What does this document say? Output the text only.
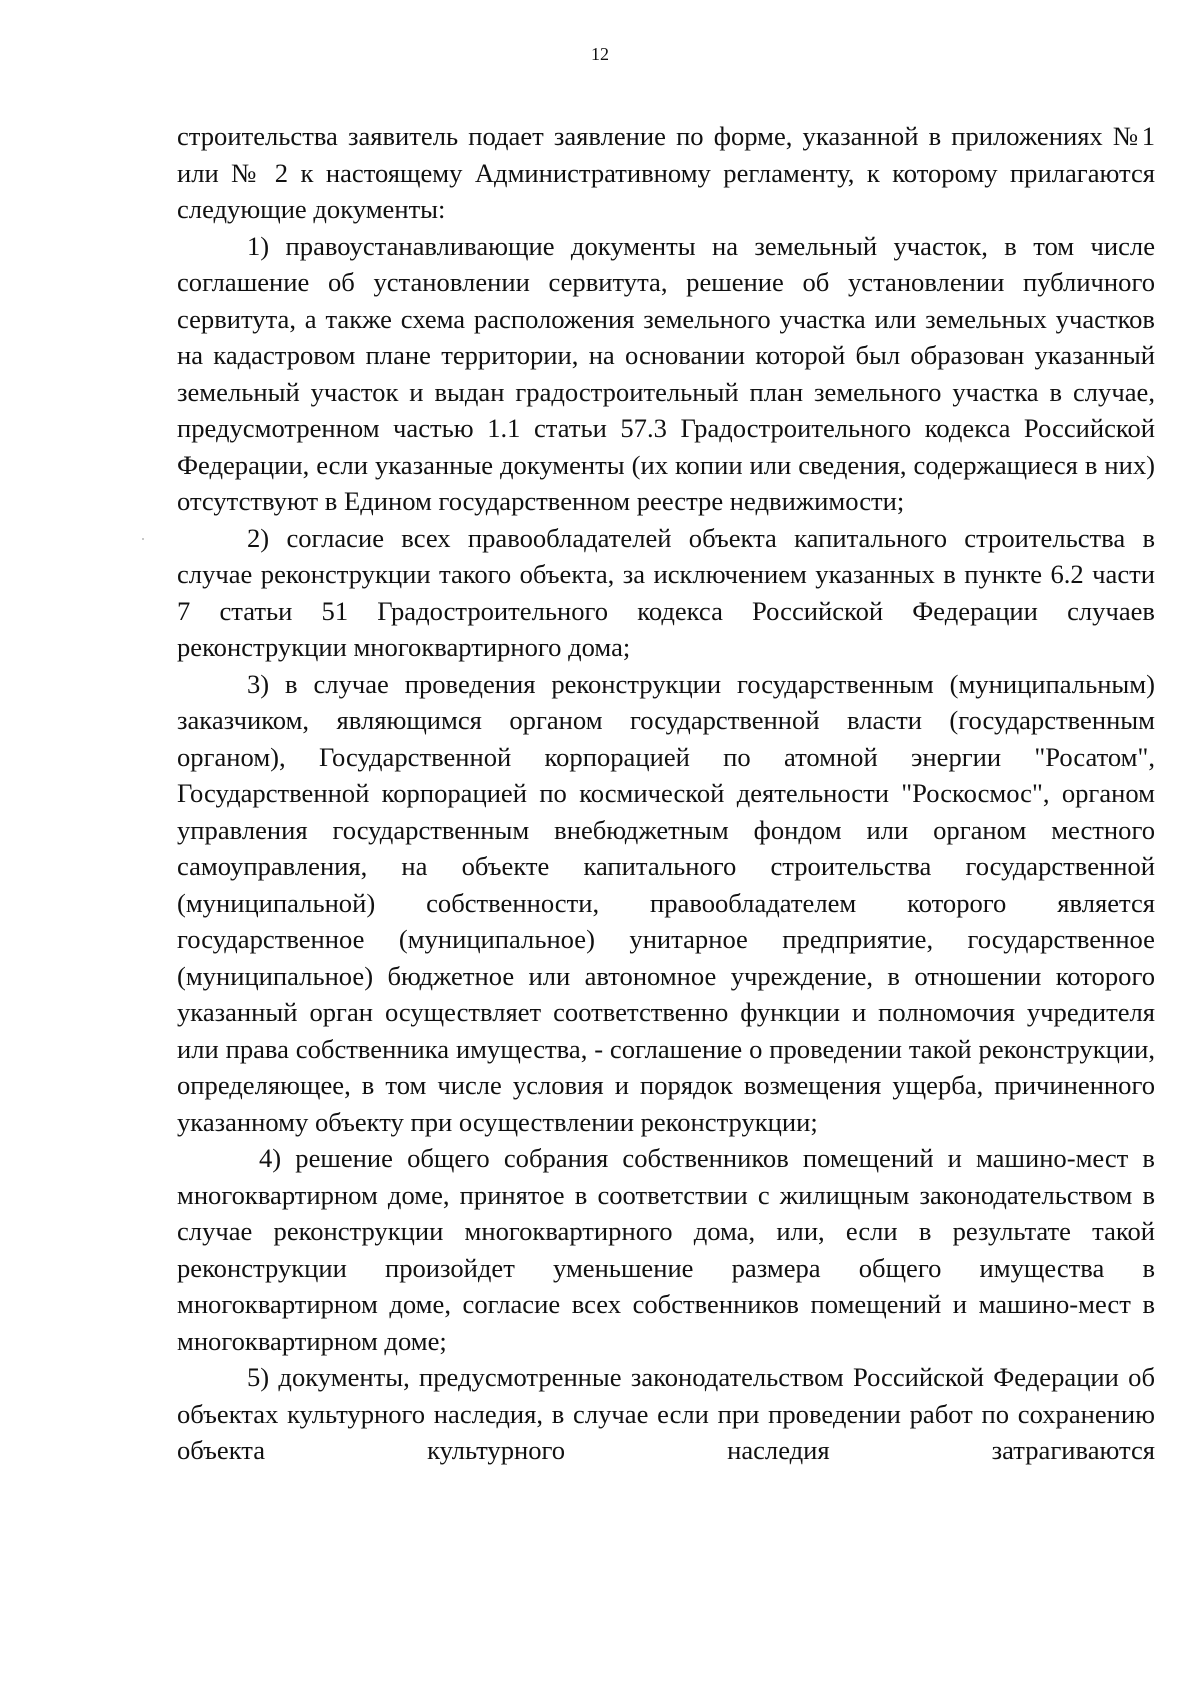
12

строительства заявитель подает заявление по форме, указанной в приложениях №1 или № 2 к настоящему Административному регламенту, к которому прилагаются следующие документы:

1) правоустанавливающие документы на земельный участок, в том числе соглашение об установлении сервитута, решение об установлении публичного сервитута, а также схема расположения земельного участка или земельных участков на кадастровом плане территории, на основании которой был образован указанный земельный участок и выдан градостроительный план земельного участка в случае, предусмотренном частью 1.1 статьи 57.3 Градостроительного кодекса Российской Федерации, если указанные документы (их копии или сведения, содержащиеся в них) отсутствуют в Едином государственном реестре недвижимости;

2) согласие всех правообладателей объекта капитального строительства в случае реконструкции такого объекта, за исключением указанных в пункте 6.2 части 7 статьи 51 Градостроительного кодекса Российской Федерации случаев реконструкции многоквартирного дома;

3) в случае проведения реконструкции государственным (муниципальным) заказчиком, являющимся органом государственной власти (государственным органом), Государственной корпорацией по атомной энергии "Росатом", Государственной корпорацией по космической деятельности "Роскосмос", органом управления государственным внебюджетным фондом или органом местного самоуправления, на объекте капитального строительства государственной (муниципальной) собственности, правообладателем которого является государственное (муниципальное) унитарное предприятие, государственное (муниципальное) бюджетное или автономное учреждение, в отношении которого указанный орган осуществляет соответственно функции и полномочия учредителя или права собственника имущества, - соглашение о проведении такой реконструкции, определяющее, в том числе условия и порядок возмещения ущерба, причиненного указанному объекту при осуществлении реконструкции;

4) решение общего собрания собственников помещений и машино-мест в многоквартирном доме, принятое в соответствии с жилищным законодательством в случае реконструкции многоквартирного дома, или, если в результате такой реконструкции произойдет уменьшение размера общего имущества в многоквартирном доме, согласие всех собственников помещений и машино-мест в многоквартирном доме;

5) документы, предусмотренные законодательством Российской Федерации об объектах культурного наследия, в случае если при проведении работ по сохранению объекта культурного наследия затрагиваются
